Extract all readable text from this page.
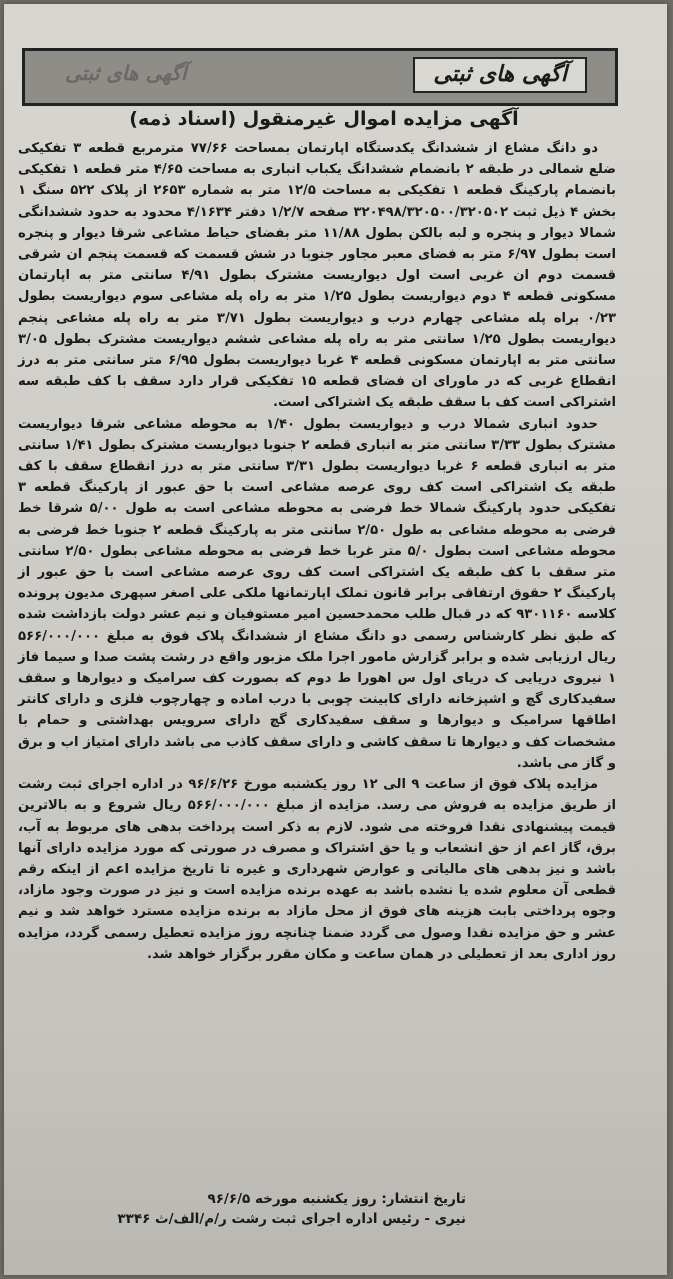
آگهی های ثبتی	آگهی های ثبتی
آگهی مزایده اموال غیرمنقول (اسناد ذمه)

دو دانگ مشاع از ششدانگ یکدستگاه اپارتمان بمساحت ۷۷/۶۶ مترمربع قطعه ۳ تفکیکی ضلع شمالی در طبقه ۲ بانضمام ششدانگ یکباب انباری به مساحت ۴/۶۵ متر قطعه ۱ تفکیکی بانضمام پارکینگ قطعه ۱ تفکیکی به مساحت ۱۲/۵ متر به شماره ۲۶۵۳ از پلاک ۵۲۲ سنگ ۱ بخش ۴ ذیل ثبت ۳۲۰۴۹۸/۳۲۰۵۰۰/۳۲۰۵۰۲ صفحه ۱/۲/۷ دفتر ۴/۱۶۳۴ محدود به حدود ششدانگی شمالا دیوار و پنجره و لبه بالکن بطول ۱۱/۸۸ متر بفضای حیاط مشاعی شرقا دیوار و پنجره است بطول ۶/۹۷ متر به فضای معبر مجاور جنوبا در شش قسمت که قسمت پنجم ان شرقی قسمت دوم ان غربی است اول دیواریست مشترک بطول ۴/۹۱ سانتی متر به اپارتمان مسکونی قطعه ۴ دوم دیواریست بطول ۱/۲۵ متر به راه پله مشاعی سوم دیواریست بطول ۰/۲۳ براه پله مشاعی چهارم درب و دیواریست بطول ۳/۷۱ متر به راه پله مشاعی پنجم دیواریست بطول ۱/۲۵ سانتی متر به راه پله مشاعی ششم دیواریست مشترک بطول ۳/۰۵ سانتی متر به اپارتمان مسکونی قطعه ۴ غربا دیواریست بطول ۶/۹۵ متر سانتی متر به درز انقطاع غربی که در ماورای ان فضای قطعه ۱۵ تفکیکی قرار دارد سقف با کف طبقه سه اشتراکی است کف با سقف طبقه یک اشتراکی است.

حدود انباری شمالا درب و دیواریست بطول ۱/۴۰ به محوطه مشاعی شرقا دیواریست مشترک بطول ۳/۳۳ سانتی متر به انباری قطعه ۲ جنوبا دیواریست مشترک بطول ۱/۴۱ سانتی متر به انباری قطعه ۶ غربا دیواریست بطول ۳/۳۱ سانتی متر به درز انقطاع سقف با کف طبقه یک اشتراکی است کف روی عرصه مشاعی است با حق عبور از پارکینگ قطعه ۳ تفکیکی حدود پارکینگ شمالا خط فرضی به محوطه مشاعی است به طول ۵/۰۰ شرقا خط فرضی به محوطه مشاعی به طول ۲/۵۰ سانتی متر به پارکینگ قطعه ۲ جنوبا خط فرضی به محوطه مشاعی است بطول ۵/۰ متر غربا خط فرضی به محوطه مشاعی بطول ۲/۵۰ سانتی متر سقف با کف طبقه یک اشتراکی است کف روی عرصه مشاعی است با حق عبور از پارکینگ ۲ حقوق ارتفاقی برابر قانون تملک اپارتمانها ملکی علی اصغر سپهری مدیون پرونده کلاسه ۹۳۰۱۱۶۰ که در قبال طلب محمدحسین امیر مستوفیان و نیم عشر دولت بازداشت شده که طبق نظر کارشناس رسمی دو دانگ مشاع از ششدانگ پلاک فوق به مبلغ ۵۶۶/۰۰۰/۰۰۰ ریال ارزیابی شده و برابر گزارش مامور اجرا ملک مزبور واقع در رشت پشت صدا و سیما فاز ۱ نیروی دریایی ک دریای اول س اهورا ط دوم که بصورت کف سرامیک و دیوارها و سقف سفیدکاری گچ و اشپزخانه دارای کابینت چوبی با درب اماده و چهارچوب فلزی و دارای کانتر اطاقها سرامیک و دیوارها و سقف سفیدکاری گچ دارای سرویس بهداشتی و حمام با مشخصات کف و دیوارها تا سقف کاشی و دارای سقف کاذب می باشد دارای امتیاز اب و برق و گاز می باشد.

مزایده پلاک فوق از ساعت ۹ الی ۱۲ روز یکشنبه مورخ ۹۶/۶/۲۶ در اداره اجرای ثبت رشت از طریق مزایده به فروش می رسد. مزایده از مبلغ ۵۶۶/۰۰۰/۰۰۰ ریال شروع و به بالاترین قیمت پیشنهادی نقدا فروخته می شود. لازم به ذکر است پرداخت بدهی های مربوط به آب، برق، گاز اعم از حق انشعاب و یا حق اشتراک و مصرف در صورتی که مورد مزایده دارای آنها باشد و نیز بدهی های مالیاتی و عوارض شهرداری و غیره تا تاریخ مزایده اعم از اینکه رقم قطعی آن معلوم شده یا نشده باشد به عهده برنده مزایده است و نیز در صورت وجود مازاد، وجوه پرداختی بابت هزینه های فوق از محل مازاد به برنده مزایده مسترد خواهد شد و نیم عشر و حق مزایده نقدا وصول می گردد ضمنا چنانچه روز مزایده تعطیل رسمی گردد، مزایده روز اداری بعد از تعطیلی در همان ساعت و مکان مقرر برگزار خواهد شد.

تاریخ انتشار: روز یکشنبه مورخه ۹۶/۶/۵
نیری - رئیس اداره اجرای ثبت رشت ر/م/الف/ث ۳۳۴۶
